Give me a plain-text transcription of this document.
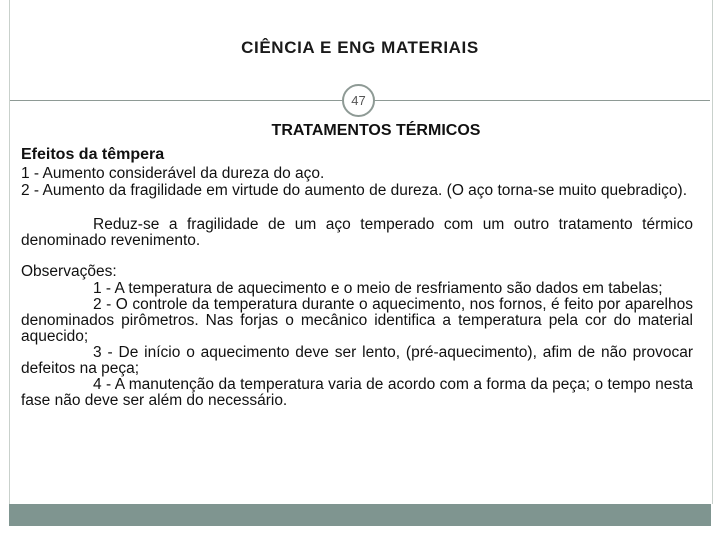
CIÊNCIA E ENG MATERIAIS
47
TRATAMENTOS TÉRMICOS

Efeitos da têmpera

1 - Aumento considerável da dureza do aço.

2 - Aumento da fragilidade em virtude do aumento de dureza. (O aço torna-se muito quebradiço).

Reduz-se a fragilidade de um aço temperado com um outro tratamento térmico denominado revenimento.

Observações:

1 - A temperatura de aquecimento e o meio de resfriamento são dados em tabelas;

2 - O controle da temperatura durante o aquecimento, nos fornos, é feito por aparelhos denominados pirômetros. Nas forjas o mecânico identifica a temperatura pela cor do material aquecido;

3 - De início o aquecimento deve ser lento, (pré-aquecimento), afim de não provocar defeitos na peça;

4 - A manutenção da temperatura varia de acordo com a forma da peça; o tempo nesta fase não deve ser além do necessário.
